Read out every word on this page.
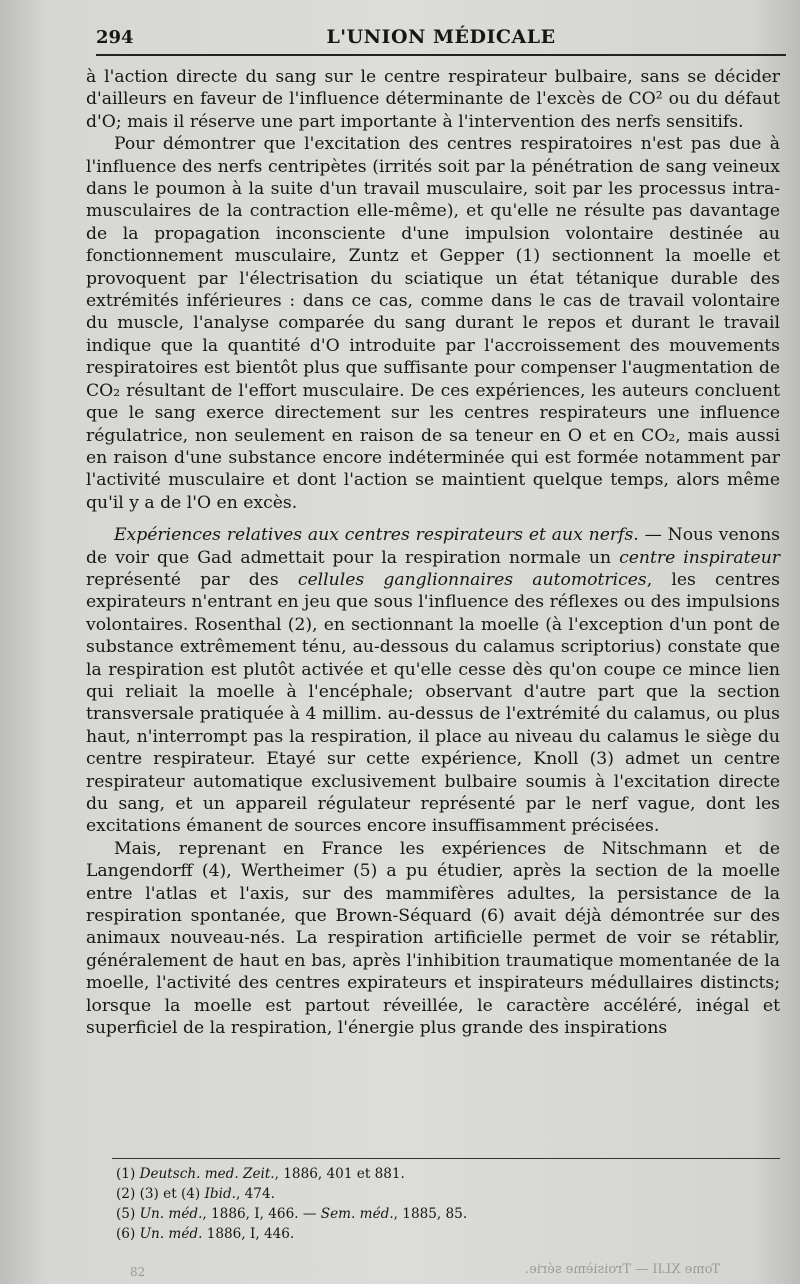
294	L'UNION MÉDICALE

à l'action directe du sang sur le centre respirateur bulbaire, sans se décider d'ailleurs en faveur de l'influence déterminante de l'excès de CO² ou du défaut d'O; mais il réserve une part importante à l'intervention des nerfs sensitifs.

Pour démontrer que l'excitation des centres respiratoires n'est pas due à l'influence des nerfs centripètes (irrités soit par la pénétration de sang veineux dans le poumon à la suite d'un travail musculaire, soit par les processus intra-musculaires de la contraction elle-même), et qu'elle ne résulte pas davantage de la propagation inconsciente d'une impulsion volontaire destinée au fonctionnement musculaire, Zuntz et Gepper (1) sectionnent la moelle et provoquent par l'électrisation du sciatique un état tétanique durable des extrémités inférieures : dans ce cas, comme dans le cas de travail volontaire du muscle, l'analyse comparée du sang durant le repos et durant le travail indique que la quantité d'O introduite par l'accroissement des mouvements respiratoires est bientôt plus que suffisante pour compenser l'augmentation de CO₂ résultant de l'effort musculaire. De ces expériences, les auteurs concluent que le sang exerce directement sur les centres respirateurs une influence régulatrice, non seulement en raison de sa teneur en O et en CO₂, mais aussi en raison d'une substance encore indéterminée qui est formée notamment par l'activité musculaire et dont l'action se maintient quelque temps, alors même qu'il y a de l'O en excès.

Expériences relatives aux centres respirateurs et aux nerfs. — Nous venons de voir que Gad admettait pour la respiration normale un centre inspirateur représenté par des cellules ganglionnaires automotrices, les centres expirateurs n'entrant en jeu que sous l'influence des réflexes ou des impulsions volontaires. Rosenthal (2), en sectionnant la moelle (à l'exception d'un pont de substance extrêmement ténu, au-dessous du calamus scriptorius) constate que la respiration est plutôt activée et qu'elle cesse dès qu'on coupe ce mince lien qui reliait la moelle à l'encéphale; observant d'autre part que la section transversale pratiquée à 4 millim. au-dessus de l'extrémité du calamus, ou plus haut, n'interrompt pas la respiration, il place au niveau du calamus le siège du centre respirateur. Etayé sur cette expérience, Knoll (3) admet un centre respirateur automatique exclusivement bulbaire soumis à l'excitation directe du sang, et un appareil régulateur représenté par le nerf vague, dont les excitations émanent de sources encore insuffisamment précisées.

Mais, reprenant en France les expériences de Nitschmann et de Langendorff (4), Wertheimer (5) a pu étudier, après la section de la moelle entre l'atlas et l'axis, sur des mammifères adultes, la persistance de la respiration spontanée, que Brown-Séquard (6) avait déjà démontrée sur des animaux nouveau-nés. La respiration artificielle permet de voir se rétablir, généralement de haut en bas, après l'inhibition traumatique momentanée de la moelle, l'activité des centres expirateurs et inspirateurs médullaires distincts; lorsque la moelle est partout réveillée, le caractère accéléré, inégal et superficiel de la respiration, l'énergie plus grande des inspirations

(1) Deutsch. med. Zeit., 1886, 401 et 881.
(2) (3) et (4) Ibid., 474.
(5) Un. méd., 1886, I, 466. — Sem. méd., 1885, 85.
(6) Un. méd. 1886, I, 446.
82	Tome XLII — Troisième série.
